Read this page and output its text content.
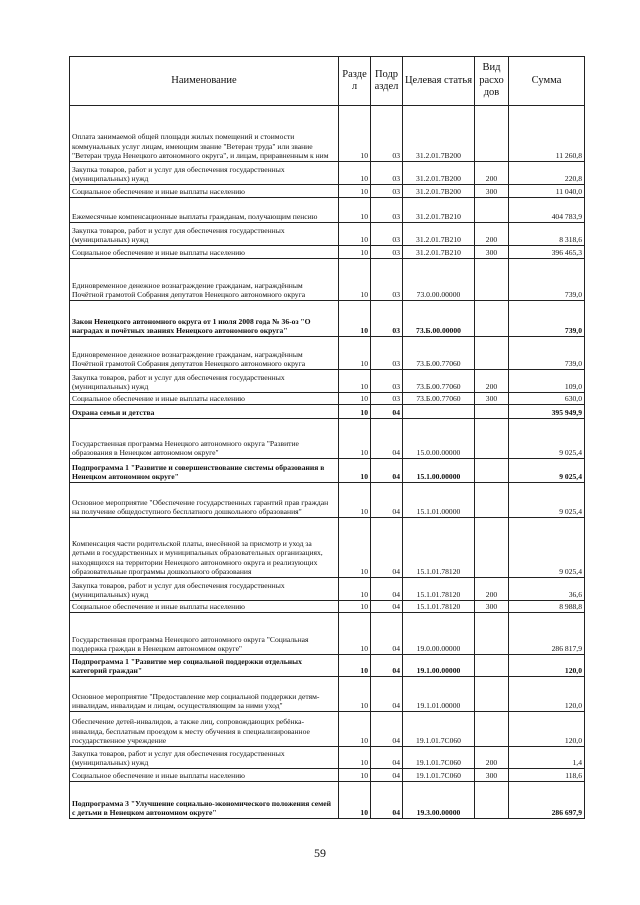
Наименование	Разде л	Подр аздел	Целевая статья	Вид расхо дов	Сумма
Оплата занимаемой общей площади жилых помещений и стоимости коммунальных услуг лицам, имеющим звание "Ветеран труда" или звание "Ветеран труда Ненецкого автономного округа", и лицам, приравненным к ним	10	03	31.2.01.7В200		11 260,8
Закупка товаров, работ и услуг для обеспечения государственных (муниципальных) нужд	10	03	31.2.01.7В200	200	220,8
Социальное обеспечение и иные выплаты населению	10	03	31.2.01.7В200	300	11 040,0
Ежемесячные компенсационные выплаты гражданам, получающим пенсию	10	03	31.2.01.7В210		404 783,9
Закупка товаров, работ и услуг для обеспечения государственных (муниципальных) нужд	10	03	31.2.01.7В210	200	8 318,6
Социальное обеспечение и иные выплаты населению	10	03	31.2.01.7В210	300	396 465,3
Единовременное денежное вознаграждение гражданам, награждённым Почётной грамотой Собрания депутатов Ненецкого автономного округа	10	03	73.0.00.00000		739,0
Закон Ненецкого автономного округа от 1 июля 2008 года № 36-оз "О наградах и почётных званиях Ненецкого автономного округа"	10	03	73.Б.00.00000		739,0
Единовременное денежное вознаграждение гражданам, награждённым Почётной грамотой Собрания депутатов Ненецкого автономного округа	10	03	73.Б.00.77060		739,0
Закупка товаров, работ и услуг для обеспечения государственных (муниципальных) нужд	10	03	73.Б.00.77060	200	109,0
Социальное обеспечение и иные выплаты населению	10	03	73.Б.00.77060	300	630,0
Охрана семьи и детства	10	04			395 949,9
Государственная программа Ненецкого автономного округа "Развитие образования в Ненецком автономном округе"	10	04	15.0.00.00000		9 025,4
Подпрограмма 1 "Развитие и совершенствование системы образования в Ненецком автономном округе"	10	04	15.1.00.00000		9 025,4
Основное мероприятие "Обеспечение государственных гарантий прав граждан на получение общедоступного бесплатного дошкольного образования"	10	04	15.1.01.00000		9 025,4
Компенсация части родительской платы, внесённой за присмотр и уход за детьми в государственных и муниципальных образовательных организациях, находящихся на территории Ненецкого автономного округа и реализующих образовательные программы дошкольного образования	10	04	15.1.01.78120		9 025,4
Закупка товаров, работ и услуг для обеспечения государственных (муниципальных) нужд	10	04	15.1.01.78120	200	36,6
Социальное обеспечение и иные выплаты населению	10	04	15.1.01.78120	300	8 988,8
Государственная программа Ненецкого автономного округа "Социальная поддержка граждан в Ненецком автономном округе"	10	04	19.0.00.00000		286 817,9
Подпрограмма 1 "Развитие мер социальной поддержки отдельных категорий граждан"	10	04	19.1.00.00000		120,0
Основное мероприятие "Предоставление мер социальной поддержки детям-инвалидам, инвалидам и лицам, осуществляющим за ними уход"	10	04	19.1.01.00000		120,0
Обеспечение детей-инвалидов, а также лиц, сопровождающих ребёнка-инвалида, бесплатным проездом к месту обучения в специализированное государственное учреждение	10	04	19.1.01.7С060		120,0
Закупка товаров, работ и услуг для обеспечения государственных (муниципальных) нужд	10	04	19.1.01.7С060	200	1,4
Социальное обеспечение и иные выплаты населению	10	04	19.1.01.7С060	300	118,6
Подпрограмма 3 "Улучшение социально-экономического положения семей с детьми в Ненецком автономном округе"	10	04	19.3.00.00000		286 697,9
59
